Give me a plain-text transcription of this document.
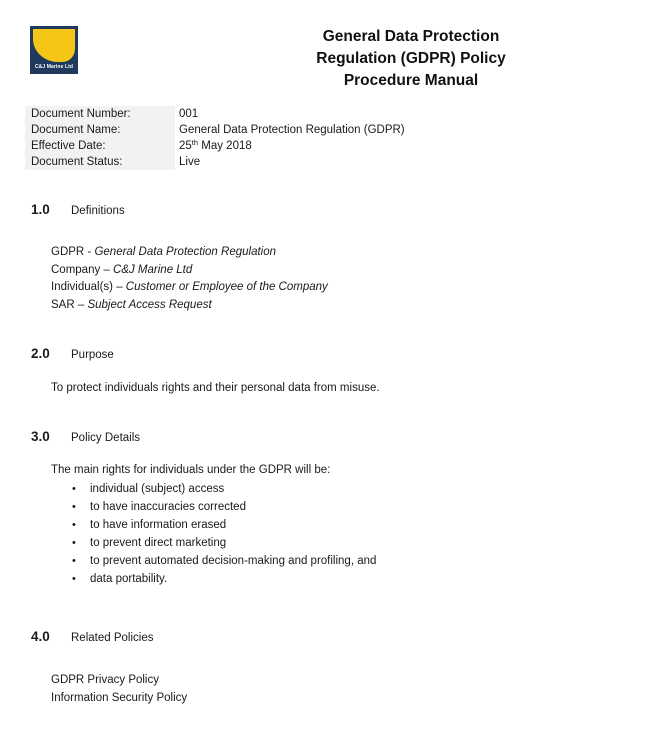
C&J Marine Ltd
General Data Protection
Regulation (GDPR) Policy
Procedure Manual
Document Number:	001
Document Name:	General Data Protection Regulation (GDPR)
Effective Date:	25th May 2018
Document Status:	Live
1.0	Definitions
GDPR - General Data Protection Regulation
Company – C&J Marine Ltd
Individual(s) – Customer or Employee of the Company
SAR – Subject Access Request
2.0	Purpose
To protect individuals rights and their personal data from misuse.
3.0	Policy Details
The main rights for individuals under the GDPR will be:
•	individual (subject) access
•	to have inaccuracies corrected
•	to have information erased
•	to prevent direct marketing
•	to prevent automated decision-making and profiling, and
•	data portability.
4.0	Related Policies
GDPR Privacy Policy
Information Security Policy
